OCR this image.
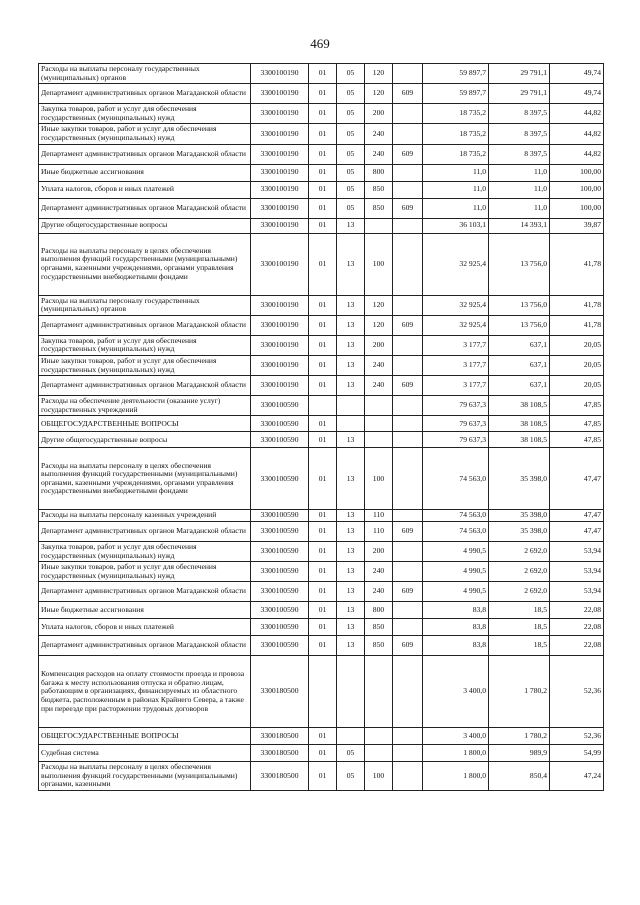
469
Расходы на выплаты персоналу государственных (муниципальных) органов	3300100190	01	05	120		59 897,7	29 791,1	49,74
Департамент административных органов Магаданской области	3300100190	01	05	120	609	59 897,7	29 791,1	49,74
Закупка товаров, работ и услуг для обеспечения государственных (муниципальных) нужд	3300100190	01	05	200		18 735,2	8 397,5	44,82
Иные закупки товаров, работ и услуг для обеспечения государственных (муниципальных) нужд	3300100190	01	05	240		18 735,2	8 397,5	44,82
Департамент административных органов Магаданской области	3300100190	01	05	240	609	18 735,2	8 397,5	44,82
Иные бюджетные ассигнования	3300100190	01	05	800		11,0	11,0	100,00
Уплата налогов, сборов и иных платежей	3300100190	01	05	850		11,0	11,0	100,00
Департамент административных органов Магаданской области	3300100190	01	05	850	609	11,0	11,0	100,00
Другие общегосударственные вопросы	3300100190	01	13			36 103,1	14 393,1	39,87
Расходы на выплаты персоналу в целях обеспечения выполнения функций государственными (муниципальными) органами, казенными учреждениями, органами управления государственными внебюджетными фондами	3300100190	01	13	100		32 925,4	13 756,0	41,78
Расходы на выплаты персоналу государственных (муниципальных) органов	3300100190	01	13	120		32 925,4	13 756,0	41,78
Департамент административных органов Магаданской области	3300100190	01	13	120	609	32 925,4	13 756,0	41,78
Закупка товаров, работ и услуг для обеспечения государственных (муниципальных) нужд	3300100190	01	13	200		3 177,7	637,1	20,05
Иные закупки товаров, работ и услуг для обеспечения государственных (муниципальных) нужд	3300100190	01	13	240		3 177,7	637,1	20,05
Департамент административных органов Магаданской области	3300100190	01	13	240	609	3 177,7	637,1	20,05
Расходы на обеспечение деятельности (оказание услуг) государственных учреждений	3300100590					79 637,3	38 108,5	47,85
ОБЩЕГОСУДАРСТВЕННЫЕ ВОПРОСЫ	3300100590	01				79 637,3	38 108,5	47,85
Другие общегосударственные вопросы	3300100590	01	13			79 637,3	38 108,5	47,85
Расходы на выплаты персоналу в целях обеспечения выполнения функций государственными (муниципальными) органами, казенными учреждениями, органами управления государственными внебюджетными фондами	3300100590	01	13	100		74 563,0	35 398,0	47,47
Расходы на выплаты персоналу казенных учреждений	3300100590	01	13	110		74 563,0	35 398,0	47,47
Департамент административных органов Магаданской области	3300100590	01	13	110	609	74 563,0	35 398,0	47,47
Закупка товаров, работ и услуг для обеспечения государственных (муниципальных) нужд	3300100590	01	13	200		4 990,5	2 692,0	53,94
Иные закупки товаров, работ и услуг для обеспечения государственных (муниципальных) нужд	3300100590	01	13	240		4 990,5	2 692,0	53,94
Департамент административных органов Магаданской области	3300100590	01	13	240	609	4 990,5	2 692,0	53,94
Иные бюджетные ассигнования	3300100590	01	13	800		83,8	18,5	22,08
Уплата налогов, сборов и иных платежей	3300100590	01	13	850		83,8	18,5	22,08
Департамент административных органов Магаданской области	3300100590	01	13	850	609	83,8	18,5	22,08
Компенсация расходов на оплату стоимости проезда и провоза багажа к месту использования отпуска и обратно лицам, работающим в организациях, финансируемых из областного бюджета, расположенным в районах Крайнего Севера, а также при переезде при расторжении трудовых договоров	3300180500					3 400,0	1 780,2	52,36
ОБЩЕГОСУДАРСТВЕННЫЕ ВОПРОСЫ	3300180500	01				3 400,0	1 780,2	52,36
Судебная система	3300180500	01	05			1 800,0	989,9	54,99
Расходы на выплаты персоналу в целях обеспечения выполнения функций государственными (муниципальными) органами, казенными	3300180500	01	05	100		1 800,0	850,4	47,24
